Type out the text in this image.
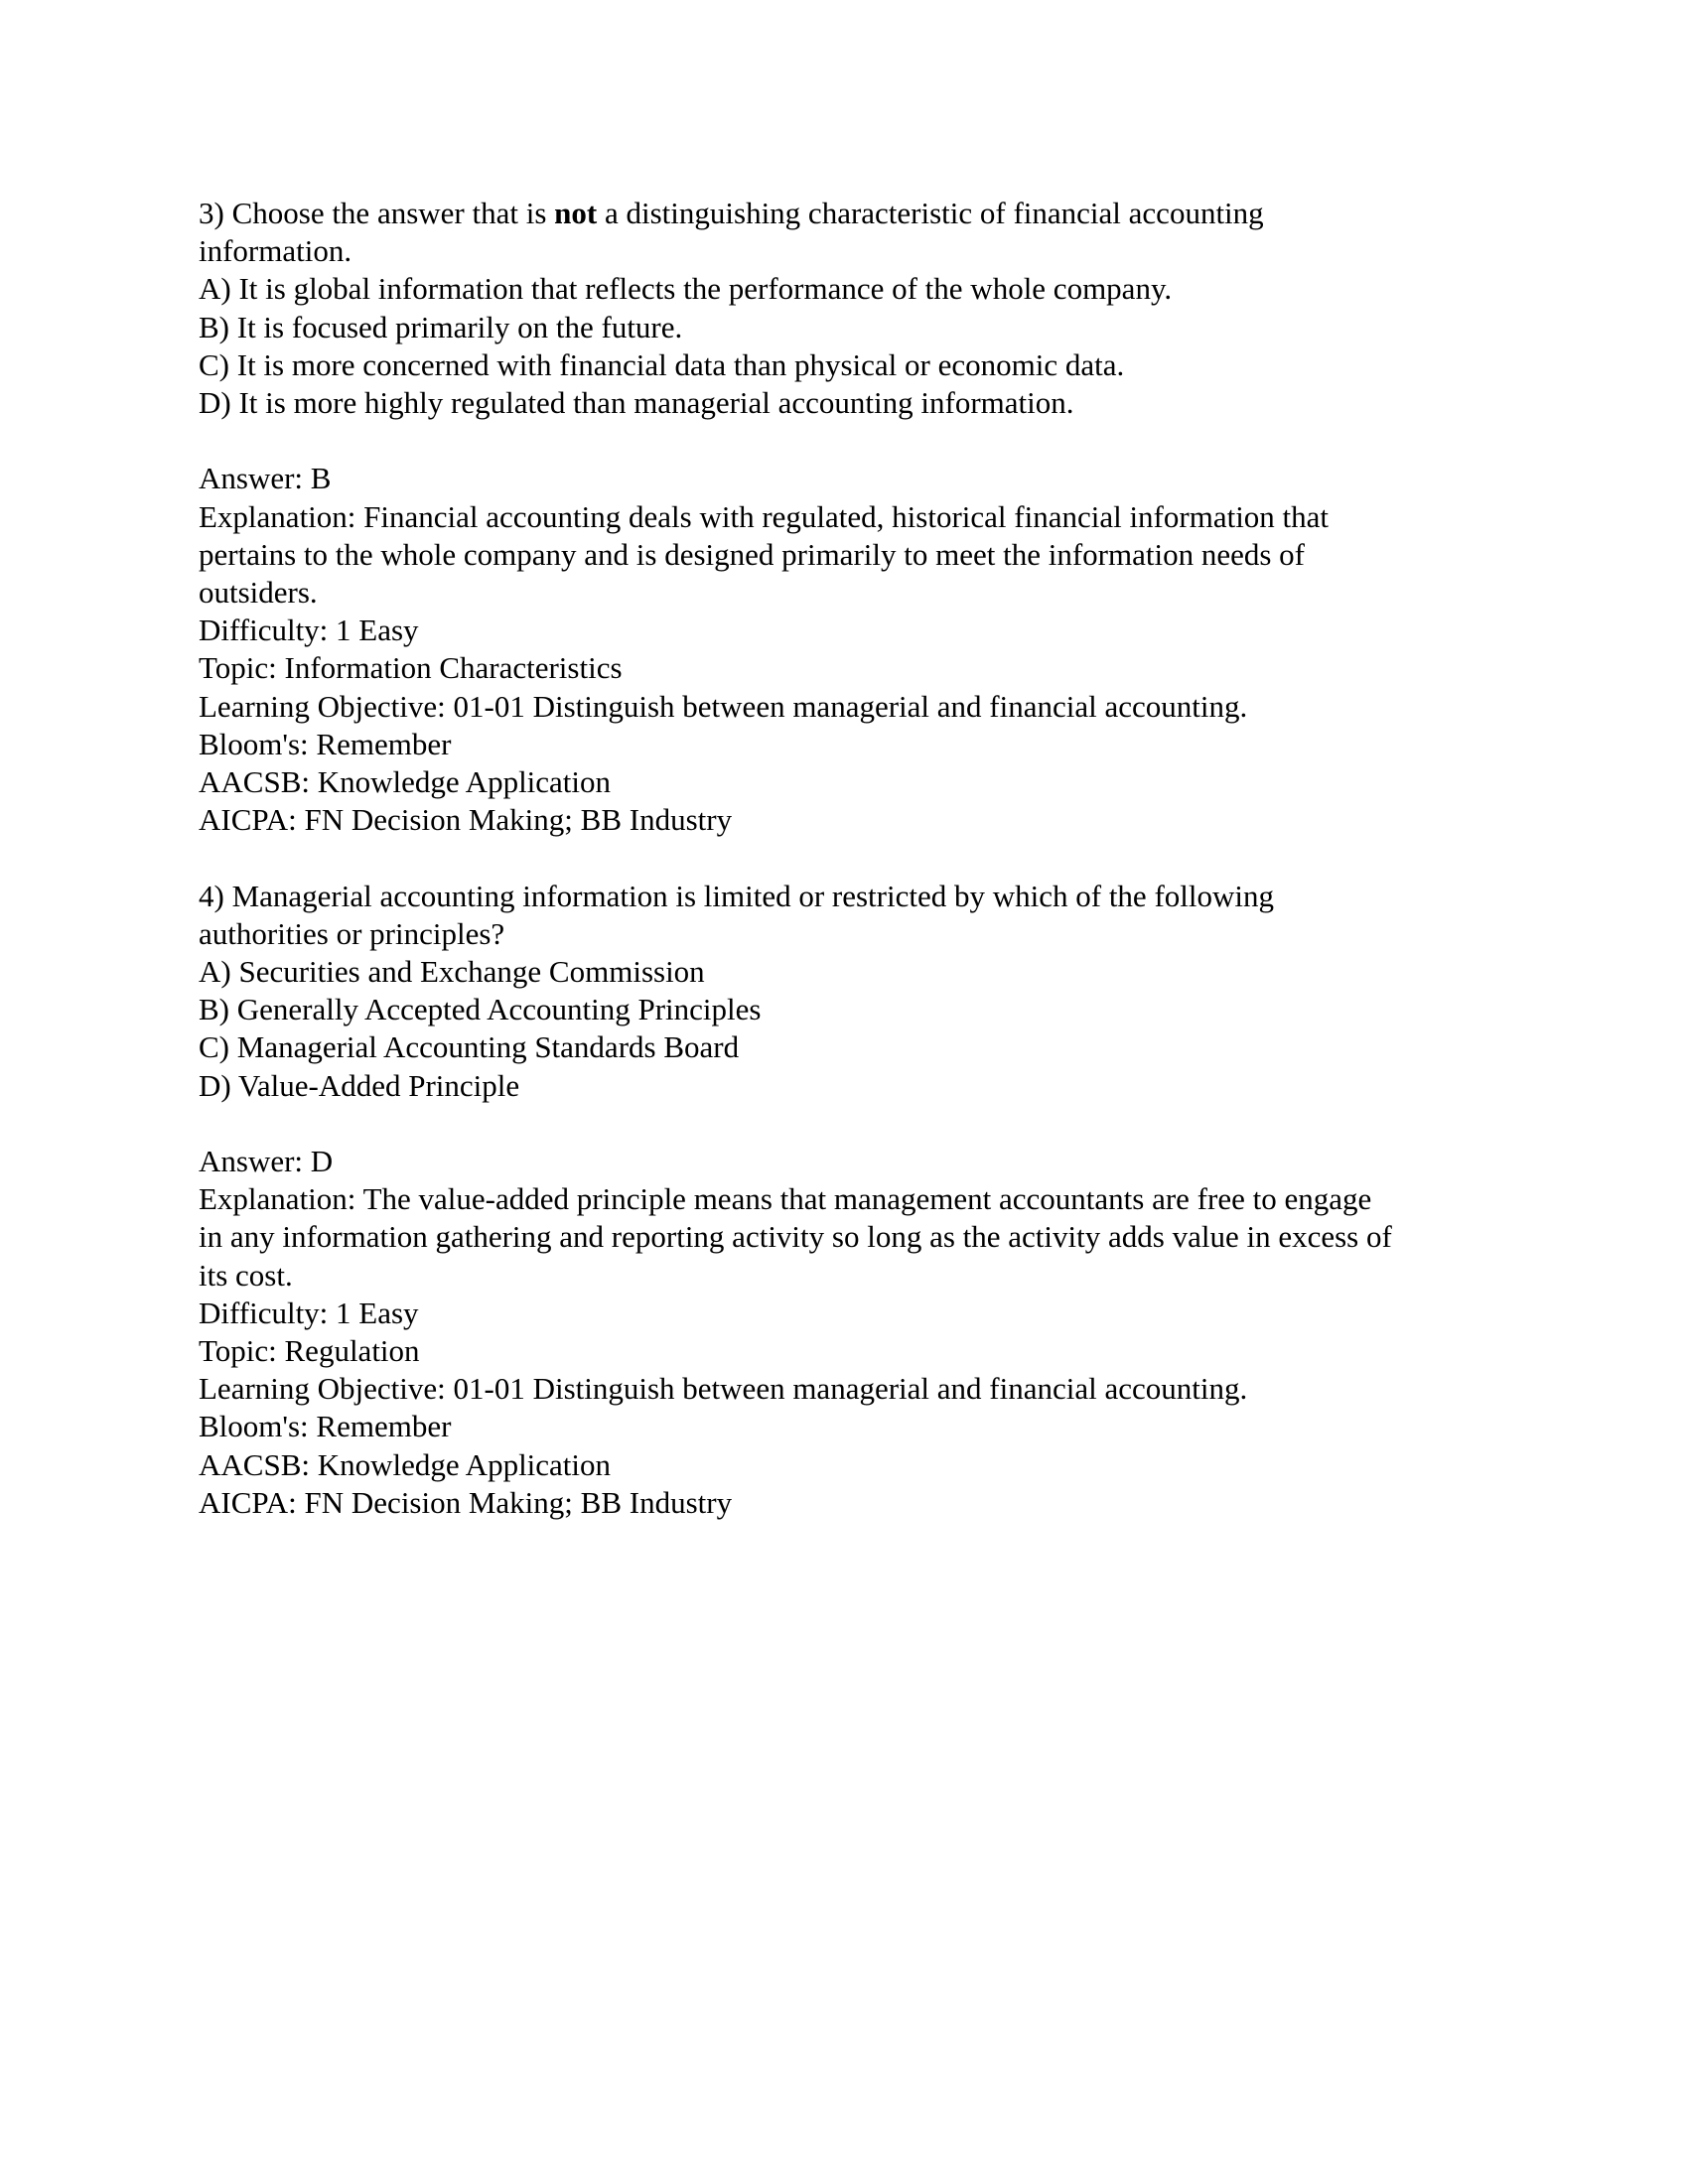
3) Choose the answer that is not a distinguishing characteristic of financial accounting

information.

A) It is global information that reflects the performance of the whole company.

B) It is focused primarily on the future.

C) It is more concerned with financial data than physical or economic data.

D) It is more highly regulated than managerial accounting information.

Answer: B

Explanation: Financial accounting deals with regulated, historical financial information that

pertains to the whole company and is designed primarily to meet the information needs of

outsiders.

Difficulty: 1 Easy

Topic: Information Characteristics

Learning Objective: 01-01 Distinguish between managerial and financial accounting.

Bloom's: Remember

AACSB: Knowledge Application

AICPA: FN Decision Making; BB Industry

4) Managerial accounting information is limited or restricted by which of the following

authorities or principles?

A) Securities and Exchange Commission

B) Generally Accepted Accounting Principles

C) Managerial Accounting Standards Board

D) Value-Added Principle

Answer: D

Explanation: The value-added principle means that management accountants are free to engage

in any information gathering and reporting activity so long as the activity adds value in excess of

its cost.

Difficulty: 1 Easy

Topic: Regulation

Learning Objective: 01-01 Distinguish between managerial and financial accounting.

Bloom's: Remember

AACSB: Knowledge Application

AICPA: FN Decision Making; BB Industry
